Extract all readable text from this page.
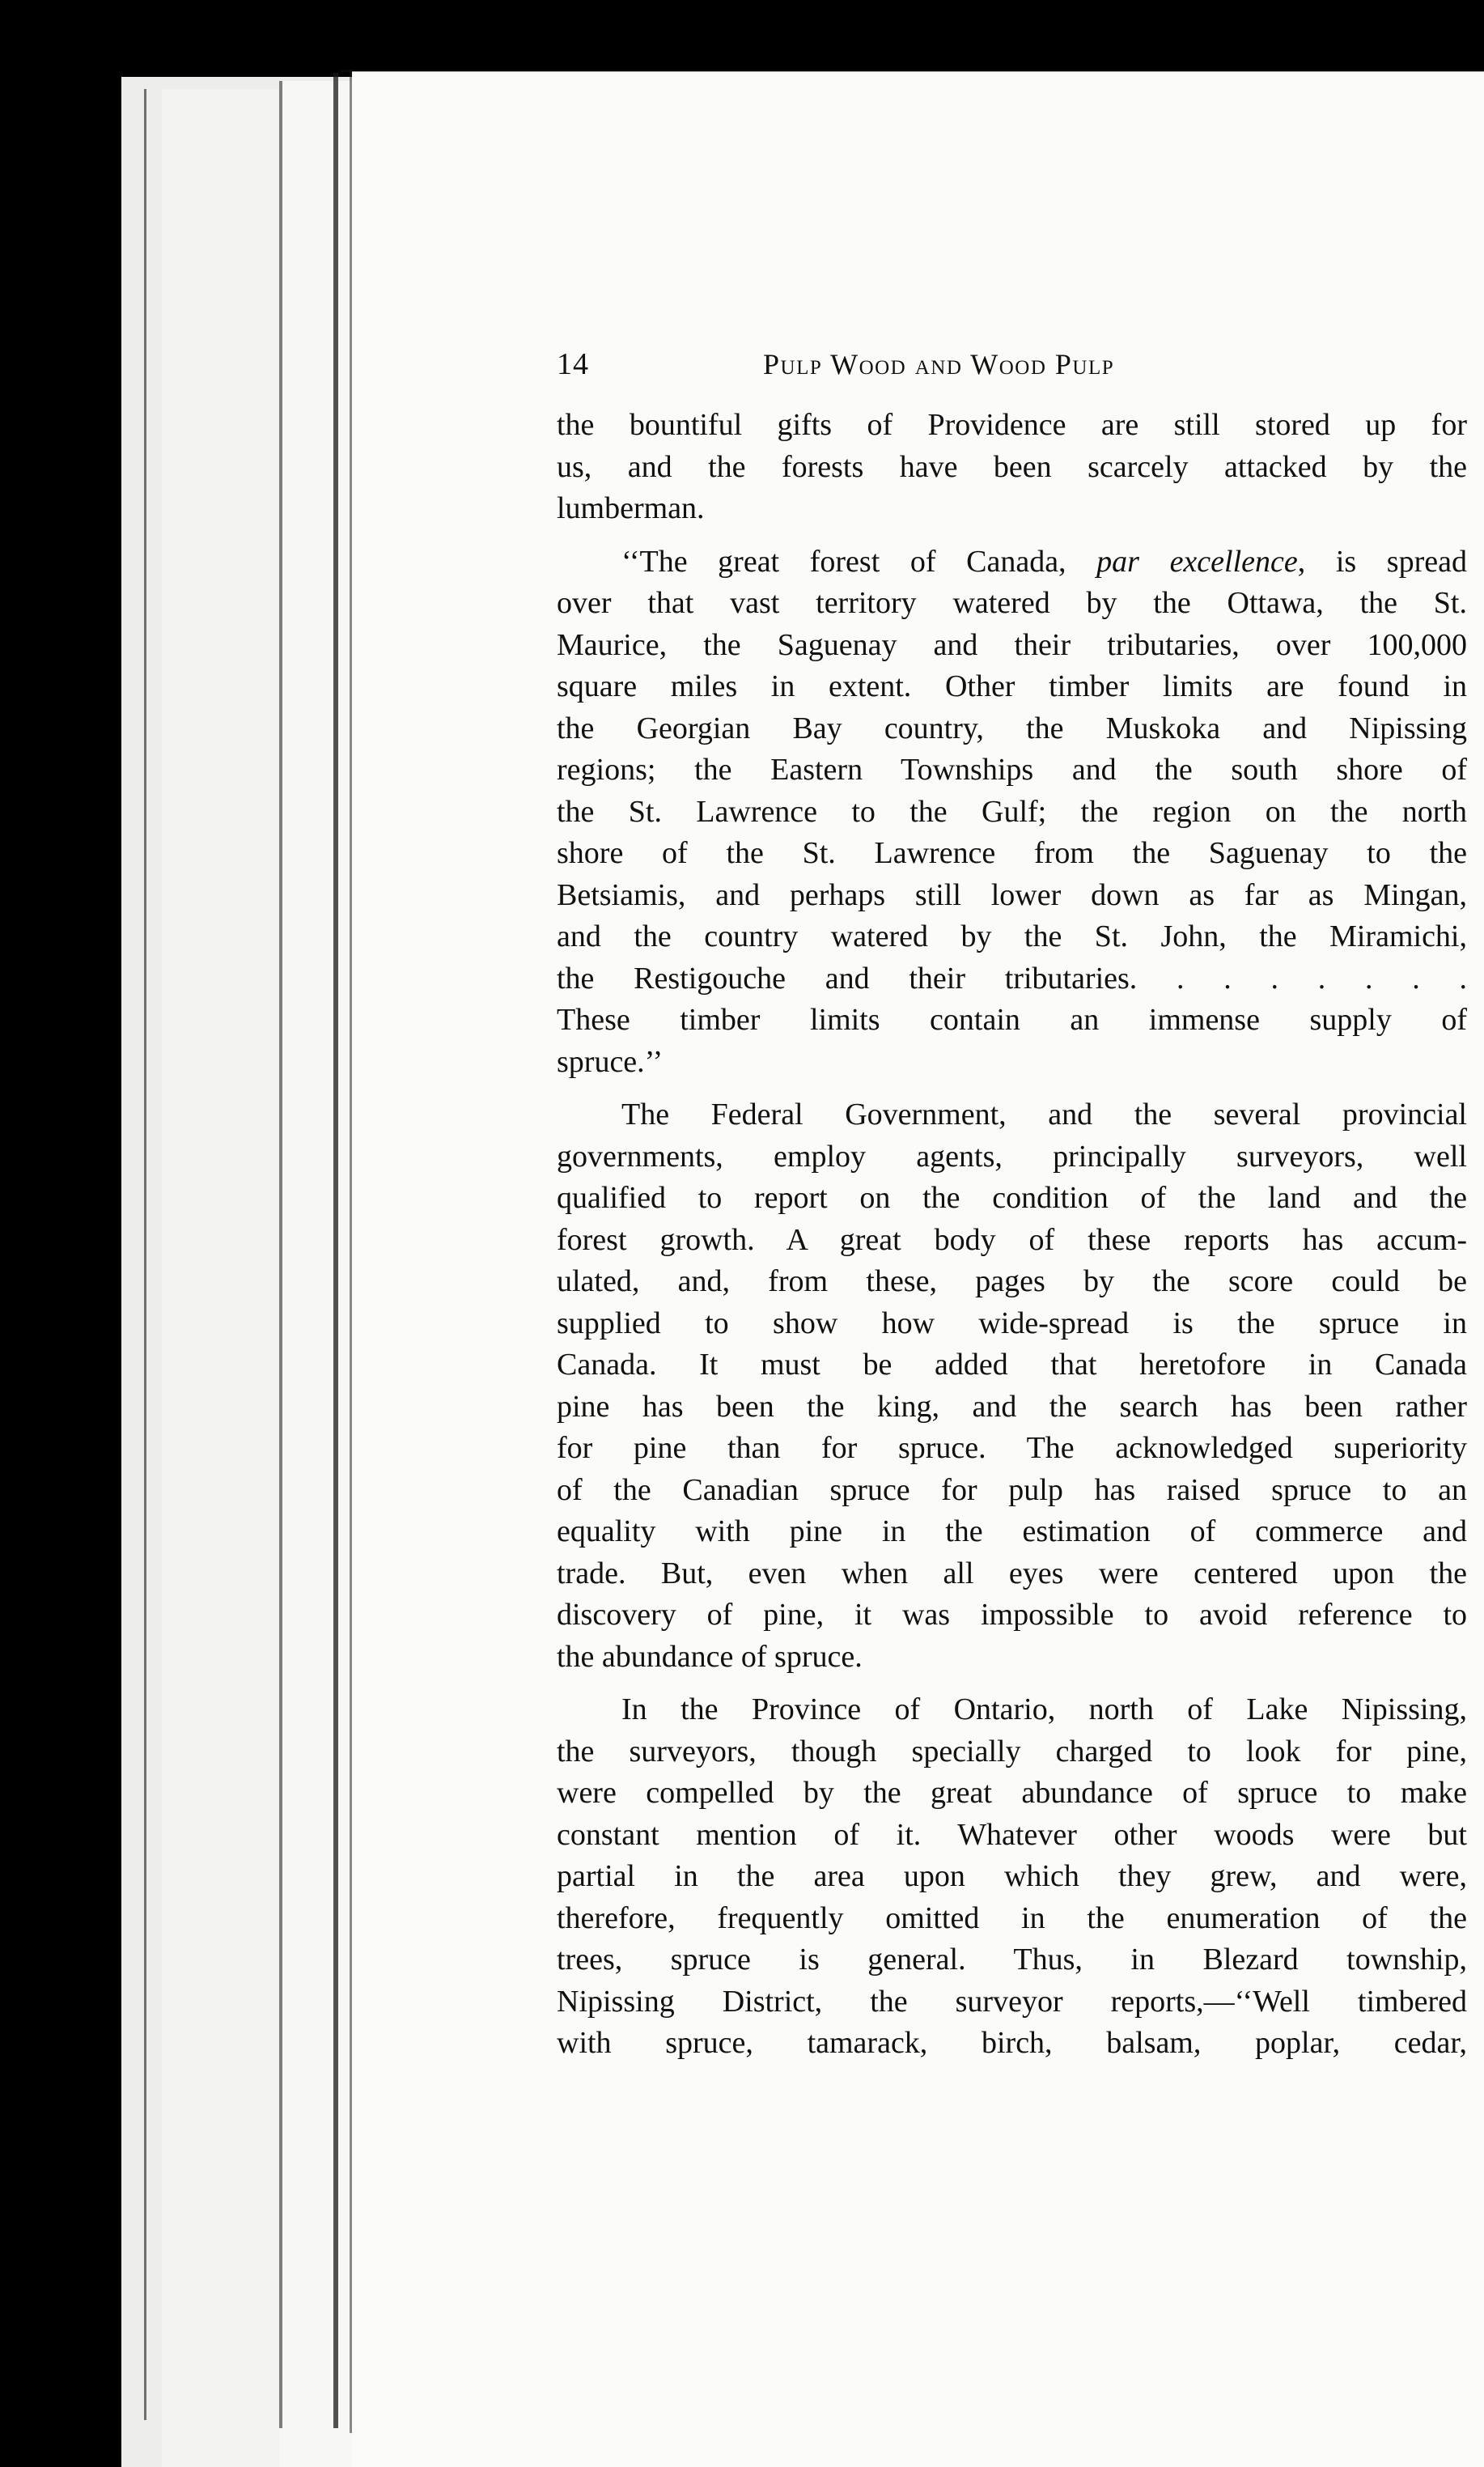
14	Pulp Wood and Wood Pulp
the bountiful gifts of Providence are still stored up for
us, and the forests have been scarcely attacked by the
lumberman.
‘‘The great forest of Canada, par excellence, is spread
over that vast territory watered by the Ottawa, the St.
Maurice, the Saguenay and their tributaries, over 100,000
square miles in extent. Other timber limits are found in
the Georgian Bay country, the Muskoka and Nipissing
regions; the Eastern Townships and the south shore of
the St. Lawrence to the Gulf; the region on the north
shore of the St. Lawrence from the Saguenay to the
Betsiamis, and perhaps still lower down as far as Mingan,
and the country watered by the St. John, the Miramichi,
the Restigouche and their tributaries. . . . . . . .
These timber limits contain an immense supply of
spruce.’’
The Federal Government, and the several provincial
governments, employ agents, principally surveyors, well
qualified to report on the condition of the land and the
forest growth. A great body of these reports has accum-
ulated, and, from these, pages by the score could be
supplied to show how wide-spread is the spruce in
Canada. It must be added that heretofore in Canada
pine has been the king, and the search has been rather
for pine than for spruce. The acknowledged superiority
of the Canadian spruce for pulp has raised spruce to an
equality with pine in the estimation of commerce and
trade. But, even when all eyes were centered upon the
discovery of pine, it was impossible to avoid reference to
the abundance of spruce.
In the Province of Ontario, north of Lake Nipissing,
the surveyors, though specially charged to look for pine,
were compelled by the great abundance of spruce to make
constant mention of it. Whatever other woods were but
partial in the area upon which they grew, and were,
therefore, frequently omitted in the enumeration of the
trees, spruce is general. Thus, in Blezard township,
Nipissing District, the surveyor reports,—‘‘Well timbered
with spruce, tamarack, birch, balsam, poplar, cedar,
